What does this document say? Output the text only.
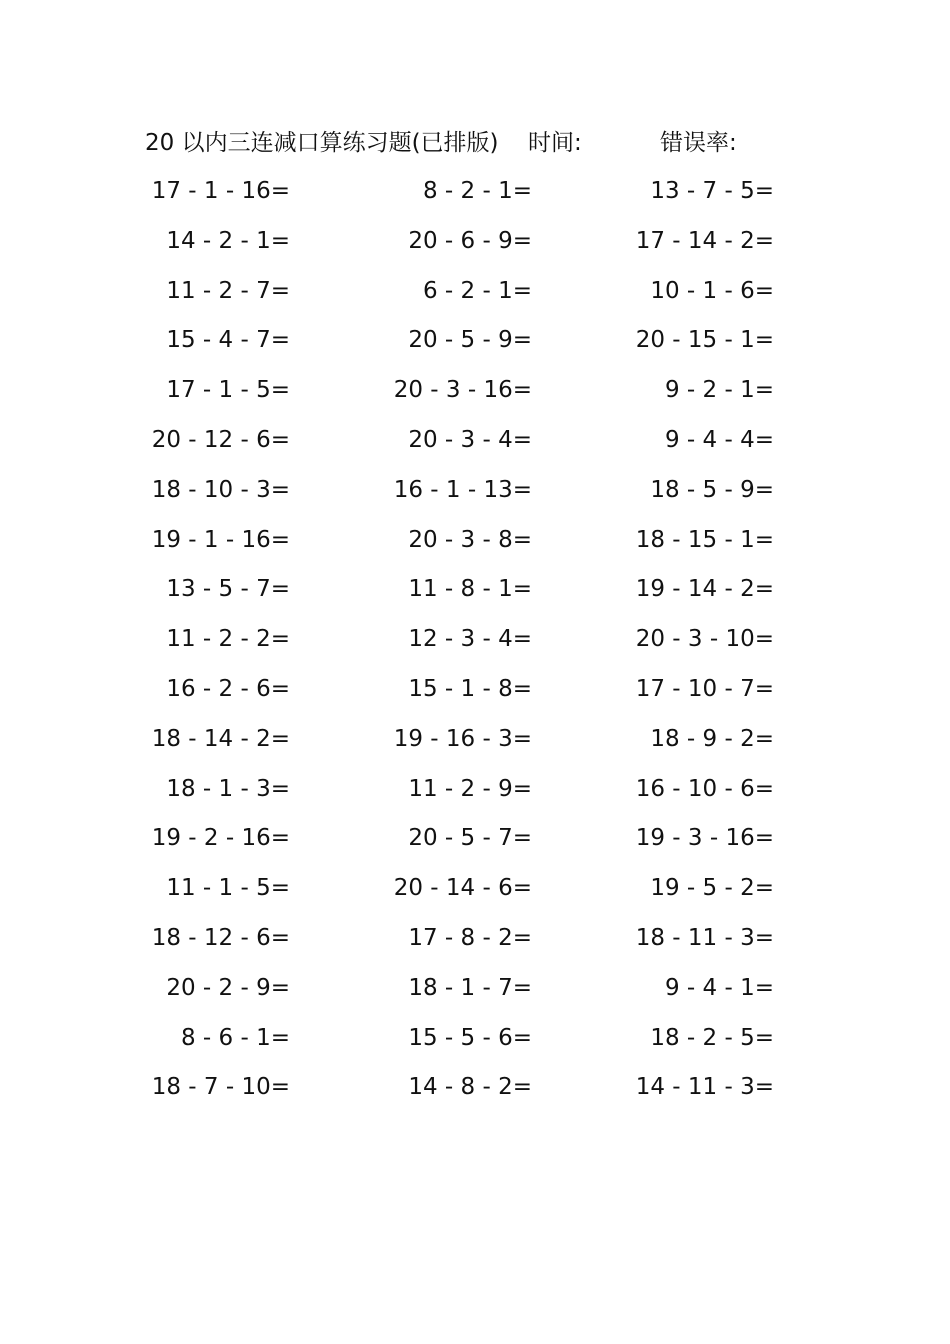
20 以内三连减口算练习题(已排版) 时间:	错误率:
17 - 1 - 16=	8 - 2 - 1=	13 - 7 - 5=
14 - 2 - 1=	20 - 6 - 9=	17 - 14 - 2=
11 - 2 - 7=	6 - 2 - 1=	10 - 1 - 6=
15 - 4 - 7=	20 - 5 - 9=	20 - 15 - 1=
17 - 1 - 5=	20 - 3 - 16=	9 - 2 - 1=
20 - 12 - 6=	20 - 3 - 4=	9 - 4 - 4=
18 - 10 - 3=	16 - 1 - 13=	18 - 5 - 9=
19 - 1 - 16=	20 - 3 - 8=	18 - 15 - 1=
13 - 5 - 7=	11 - 8 - 1=	19 - 14 - 2=
11 - 2 - 2=	12 - 3 - 4=	20 - 3 - 10=
16 - 2 - 6=	15 - 1 - 8=	17 - 10 - 7=
18 - 14 - 2=	19 - 16 - 3=	18 - 9 - 2=
18 - 1 - 3=	11 - 2 - 9=	16 - 10 - 6=
19 - 2 - 16=	20 - 5 - 7=	19 - 3 - 16=
11 - 1 - 5=	20 - 14 - 6=	19 - 5 - 2=
18 - 12 - 6=	17 - 8 - 2=	18 - 11 - 3=
20 - 2 - 9=	18 - 1 - 7=	9 - 4 - 1=
8 - 6 - 1=	15 - 5 - 6=	18 - 2 - 5=
18 - 7 - 10=	14 - 8 - 2=	14 - 11 - 3=
